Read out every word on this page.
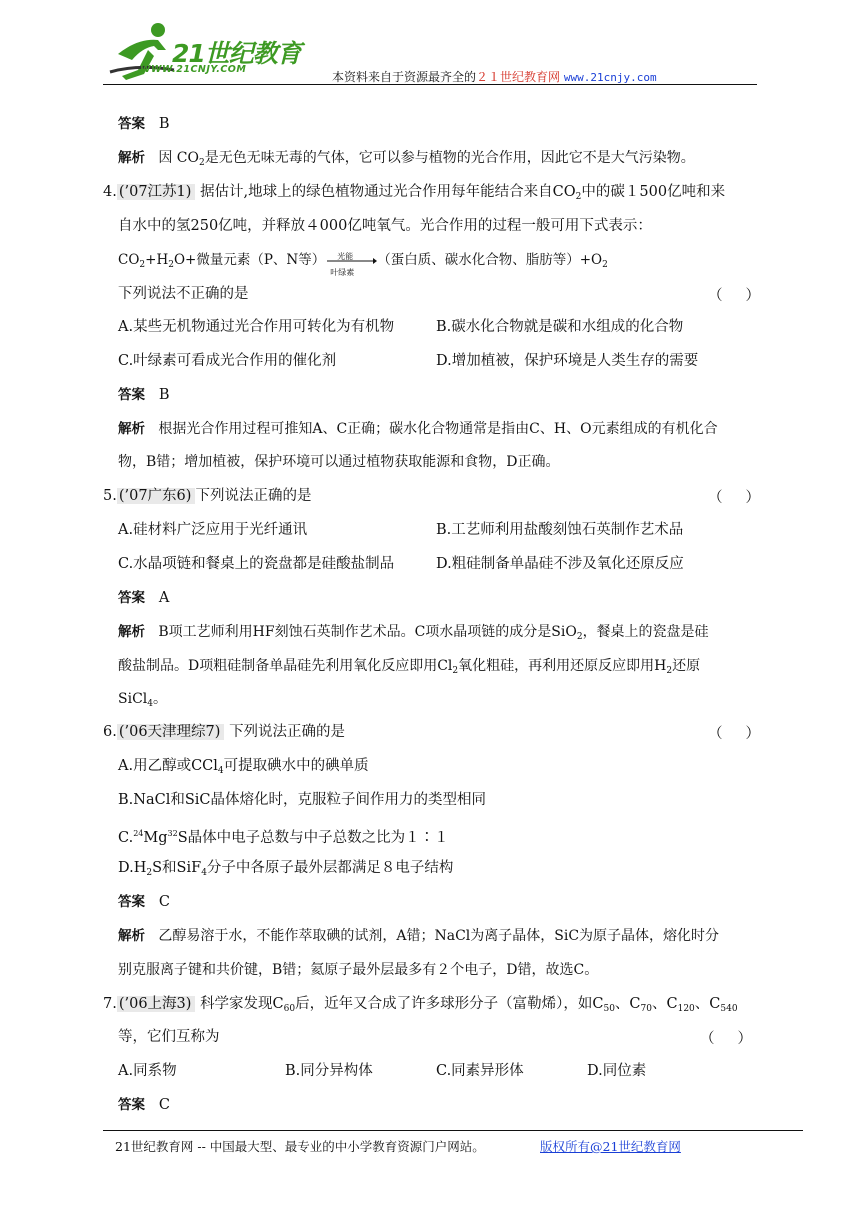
21世纪教育
WWW.21CNJY.COM
本资料来自于资源最齐全的２１世纪教育网 www.21cnjy.com
答案 B
解析 因 $CO_2$是无色无味无毒的气体，它可以参与植物的光合作用，因此它不是大气污染物。
4. (’07江苏1) 据估计,地球上的绿色植物通过光合作用每年能结合来自$CO_2$中的碳１500亿吨和来
自水中的氢250亿吨，并释放４000亿吨氧气。光合作用的过程一般可用下式表示：
$CO_2+H_2O+$微量元素（P、N等） 光能
叶绿素
（蛋白质、碳水化合物、脂肪等）$+O_2$
下列说法不正确的是	（     ）
A.某些无机物通过光合作用可转化为有机物	B.碳水化合物就是碳和水组成的化合物
C.叶绿素可看成光合作用的催化剂	D.增加植被，保护环境是人类生存的需要
答案 B
解析 根据光合作用过程可推知A、C正确；碳水化合物通常是指由C、H、O元素组成的有机化合
物，B错；增加植被，保护环境可以通过植物获取能源和食物，D正确。
5. (’07广东6) 下列说法正确的是	（     ）
A.硅材料广泛应用于光纤通讯	B.工艺师利用盐酸刻蚀石英制作艺术品
C.水晶项链和餐桌上的瓷盘都是硅酸盐制品	D.粗硅制备单晶硅不涉及氧化还原反应
答案 A
解析 B项工艺师利用HF刻蚀石英制作艺术品。C项水晶项链的成分是SiO$_2$，餐桌上的瓷盘是硅
酸盐制品。D项粗硅制备单晶硅先利用氧化反应即用$Cl_2$氧化粗硅，再利用还原反应即用$H_2$还原
SiCl$_4$。
6. (’06天津理综7) 下列说法正确的是	（     ）
A.用乙醇或CCl$_4$可提取碘水中的碘单质
B.NaCl和SiC晶体熔化时，克服粒子间作用力的类型相同
C.$^{24}$Mg$^{32}$S晶体中电子总数与中子总数之比为１∶１
$D.H_2S$和SiF$_4$分子中各原子最外层都满足８电子结构
答案 C
解析 乙醇易溶于水，不能作萃取碘的试剂，A错；NaCl为离子晶体，SiC为原子晶体，熔化时分
别克服离子键和共价键，B错；氦原子最外层最多有２个电子，D错，故选C。
7. (’06上海3) 科学家发现$C_{60}$后，近年又合成了许多球形分子（富勒烯），如$C_{50}$、$C_{70}$、$C_{120}$、$C_{540}$
等，它们互称为	（     ）
A.同系物	B.同分异构体	C.同素异形体	D.同位素
答案 C
21世纪教育网 -- 中国最大型、最专业的中小学教育资源门户网站。	版权所有@21世纪教育网
